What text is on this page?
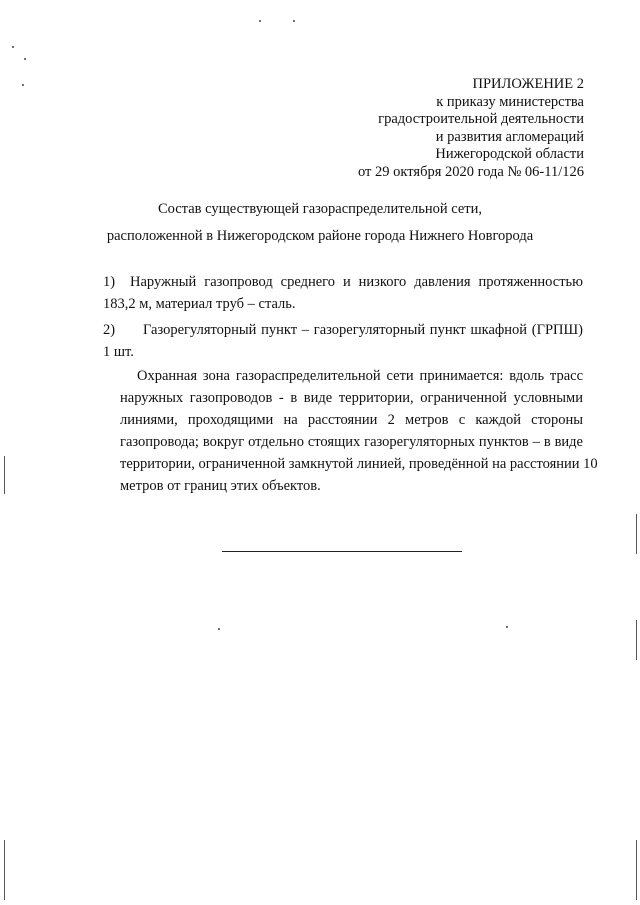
ПРИЛОЖЕНИЕ 2
к приказу министерства
градостроительной деятельности
и развития агломераций
Нижегородской области
от 29 октября 2020 года № 06-11/126
Состав существующей газораспределительной сети,
расположенной в Нижегородском районе города Нижнего Новгорода
1) Наружный газопровод среднего и низкого давления протяженностью
183,2 м, материал труб – сталь.
2) Газорегуляторный пункт – газорегуляторный пункт шкафной (ГРПШ)
1 шт.
Охранная зона газораспределительной сети принимается: вдоль трасс
наружных газопроводов - в виде территории, ограниченной условными
линиями, проходящими на расстоянии 2 метров с каждой стороны
газопровода; вокруг отдельно стоящих газорегуляторных пунктов – в виде
территории, ограниченной замкнутой линией, проведённой на расстоянии 10
метров от границ этих объектов.
